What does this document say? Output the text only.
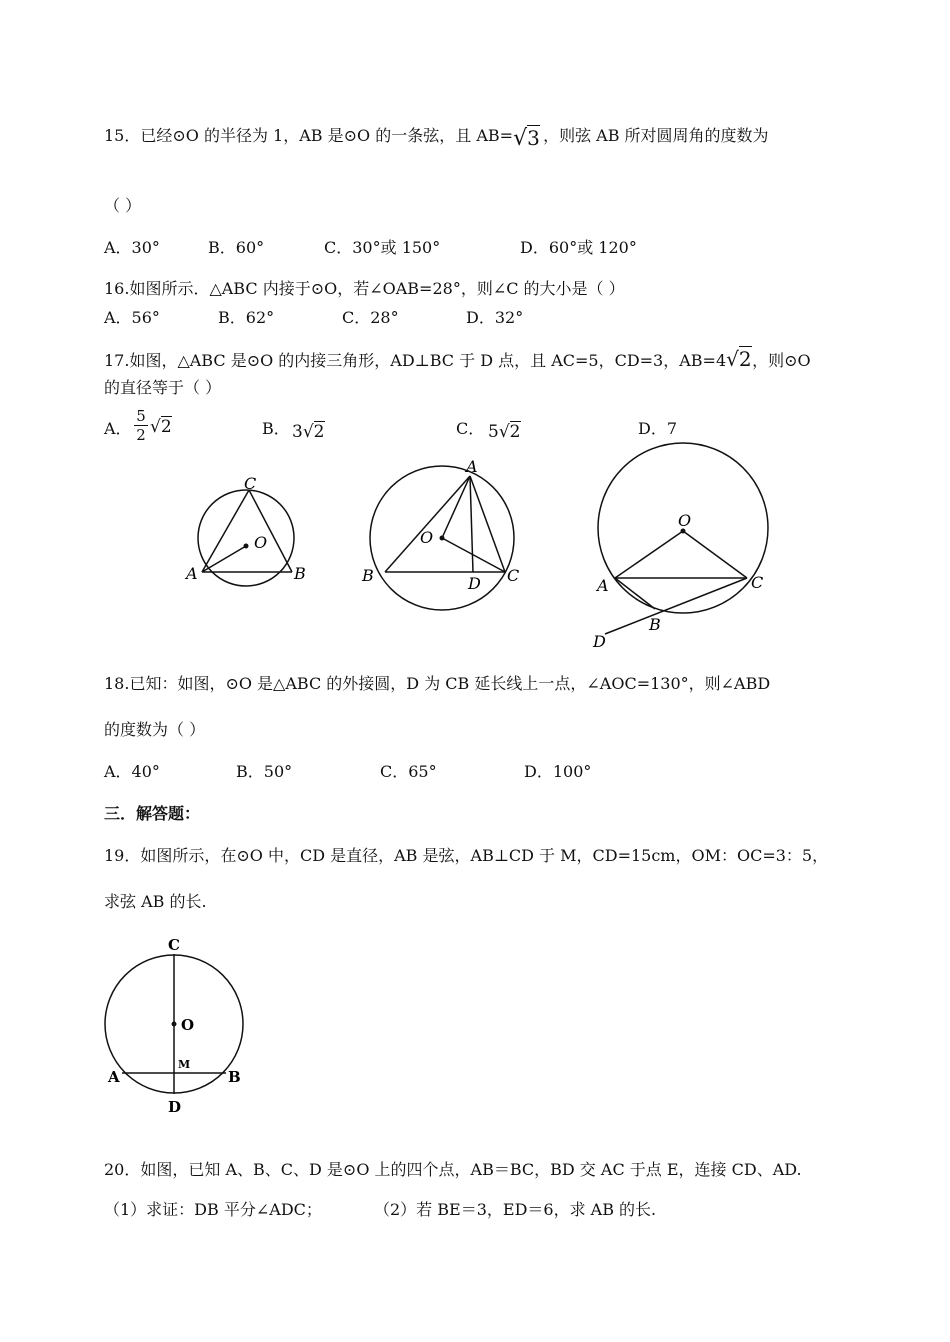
15．已经⊙O 的半径为 1，AB 是⊙O 的一条弦，且 AB=√3 ，则弦 AB 所对圆周角的度数为
（ ）
A．30°	B．60°	C．30°或 150°	D．60°或 120°
16.如图所示．△ABC 内接于⊙O，若∠OAB=28°，则∠C 的大小是（ ）
A．56°	B．62°	C．28°	D．32°
17.如图，△ABC 是⊙O 的内接三角形，AD⊥BC 于 D 点，且 AC=5，CD=3，AB=4√2，则⊙O
的直径等于（ ）
A． $\frac{5}{2} √2$	B． 3√2	C． 5√2	D．7
C
O
A	B
A
O
B	D C
O
A	C
B
D
18.已知：如图，⊙O 是△ABC 的外接圆，D 为 CB 延长线上一点，∠AOC=130°，则∠ABD
的度数为（ ）
A．40°	B．50°	C．65°	D．100°
三．解答题：
19．如图所示，在⊙O 中，CD 是直径，AB 是弦，AB⊥CD 于 M，CD=15cm，OM：OC=3：5，
求弦 AB 的长.
C
O
M
A	B
D
20．如图，已知 A、B、C、D 是⊙O 上的四个点，AB＝BC，BD 交 AC 于点 E，连接 CD、AD.
（1）求证：DB 平分∠ADC；	（2）若 BE＝3，ED＝6，求 AB 的长.
